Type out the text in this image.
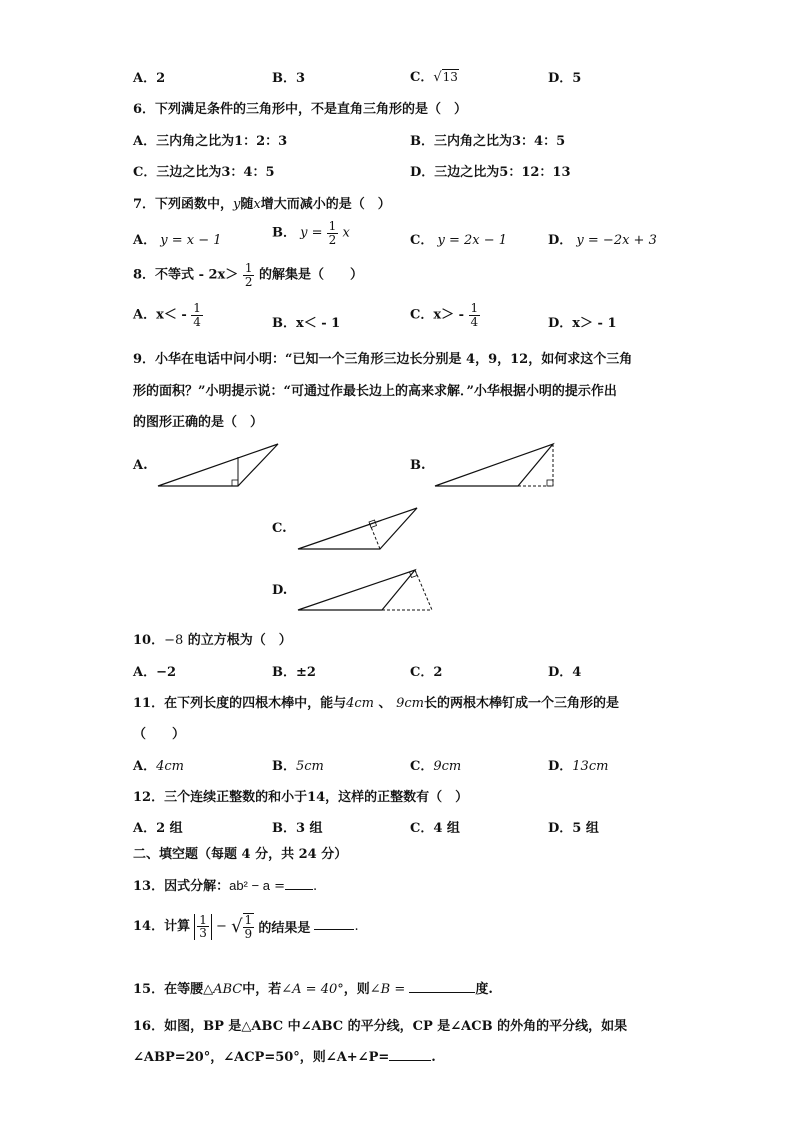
A．2	B．3	C．√13	D．5
6．下列满足条件的三角形中，不是直角三角形的是（　）
A．三内角之比为1：2：3	B．三内角之比为3：4：5
C．三边之比为3：4：5	D．三边之比为5：12：13
7．下列函数中，y随x增大而减小的是（　）
A． y = x − 1	B． $y = \frac{1}{2}$ x	C． y = 2x − 1	D． y = −2x + 3
8．不等式 - $2x> \frac{1}{2}$ 的解集是（　　）
A．$x< - \frac{1}{4}$	B．x＜ - 1
C．$x> - \frac{1}{4}$	D．x＞ - 1
9．小华在电话中问小明：“已知一个三角形三边长分别是 4，9，12，如何求这个三角
形的面积？”小明提示说：“可通过作最长边上的高来求解．”小华根据小明的提示作出
的图形正确的是（　）
A.	B.
C.
D.
10．−8 的立方根为（　）
A．−2	B．±2	C．2	D．4
11．在下列长度的四根木棒中，能与4cm 、 9cm长的两根木棒钉成一个三角形的是
（　　）
A．4cm	B．5cm	C．9cm	D．13cm
12．三个连续正整数的和小于14，这样的正整数有（　）
A．2 组	B．3 组	C．4 组	D．5 组
二、填空题（每题 4 分，共 24 分）
13．因式分解：ab² − a = .
14．计算 $\frac{1}{3}$ − √ $\frac{1}{9}$ 的结果是	.
15．在等腰△ABC中，若∠A = 40°，则∠B =	度.
16．如图，BP 是△ABC 中∠ABC 的平分线，CP 是∠ACB 的外角的平分线，如果
∠ABP=20°，∠ACP=50°，则∠A+∠P=	.
